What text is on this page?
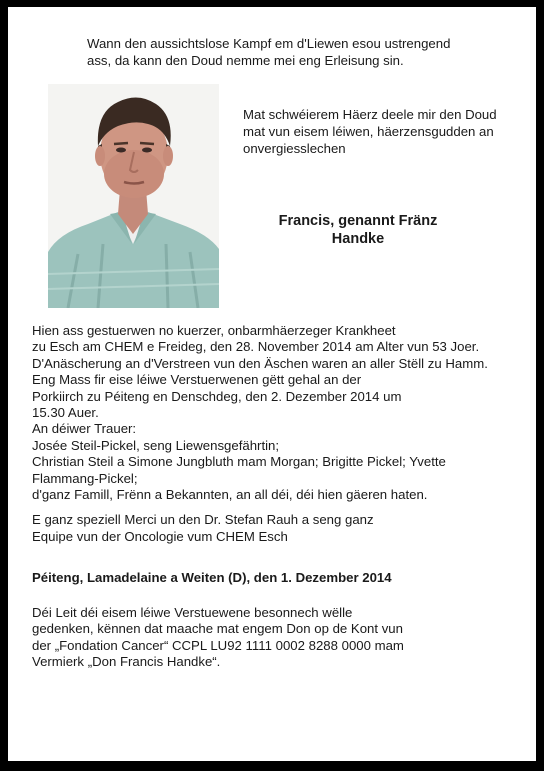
Wann den aussichtslose Kampf em d'Liewen esou ustrengend
ass, da kann den Doud nemme mei eng Erleisung sin.
Mat schwéierem Häerz deele mir den Doud
mat vun eisem léiwen, häerzensgudden an
onvergiesslechen
Francis, genannt Fränz
Handke
Hien ass gestuerwen no kuerzer, onbarmhäerzeger Krankheet
zu Esch am CHEM e Freideg, den 28. November 2014 am Alter vun 53 Joer.
D'Anäscherung an d'Verstreen vun den Äschen waren an aller Stëll zu Hamm.
Eng Mass fir eise léiwe Verstuerwenen gëtt gehal an der
Porkiirch zu Péiteng en Denschdeg, den 2. Dezember 2014 um
15.30 Auer.
An déiwer Trauer:
Josée Steil-Pickel, seng Liewensgefährtin;
Christian Steil a Simone Jungbluth mam Morgan; Brigitte Pickel; Yvette
Flammang-Pickel;
d'ganz Famill, Frënn a Bekannten, an all déi, déi hien gäeren haten.
E ganz speziell Merci un den Dr. Stefan Rauh a seng ganz
Equipe vun der Oncologie vum CHEM Esch
Péiteng, Lamadelaine a Weiten (D), den 1. Dezember 2014
Déi Leit déi eisem léiwe Verstuewene besonnech wëlle
gedenken, kënnen dat maache mat engem Don op de Kont vun
der „Fondation Cancer“ CCPL LU92 1111 0002 8288 0000 mam
Vermierk „Don Francis Handke“.
